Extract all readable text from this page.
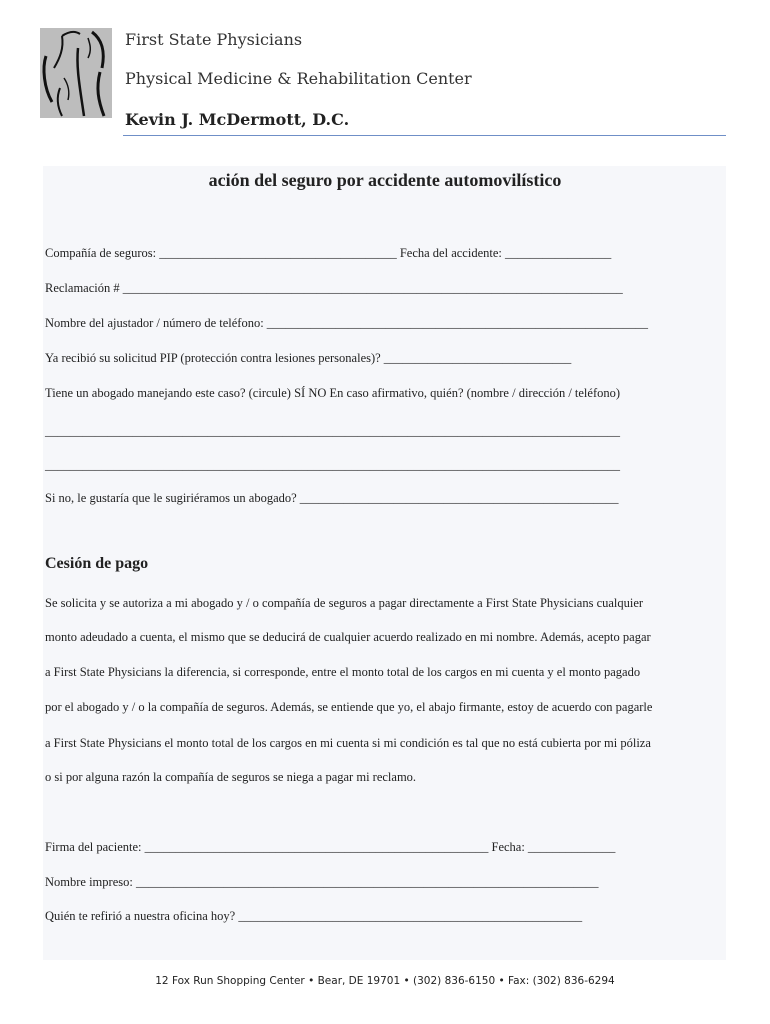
First State Physicians
Physical Medicine & Rehabilitation Center
Kevin J. McDermott, D.C.
ación del seguro por accidente automovilístico
Compañía de seguros: ______________________________________ Fecha del accidente: _________________
Reclamación # ________________________________________________________________________________
Nombre del ajustador / número de teléfono: _____________________________________________________________
Ya recibió su solicitud PIP (protección contra lesiones personales)? ______________________________
Tiene un abogado manejando este caso? (circule) SÍ NO En caso afirmativo, quién? (nombre / dirección / teléfono)
____________________________________________________________________________________________
____________________________________________________________________________________________
Si no, le gustaría que le sugiriéramos un abogado? ___________________________________________________
Cesión de pago
Se solicita y se autoriza a mi abogado y / o compañía de seguros a pagar directamente a First State Physicians cualquier
monto adeudado a cuenta, el mismo que se deducirá de cualquier acuerdo realizado en mi nombre. Además, acepto pagar
a First State Physicians la diferencia, si corresponde, entre el monto total de los cargos en mi cuenta y el monto pagado
por el abogado y / o la compañía de seguros. Además, se entiende que yo, el abajo firmante, estoy de acuerdo con pagarle
a First State Physicians el monto total de los cargos en mi cuenta si mi condición es tal que no está cubierta por mi póliza
o si por alguna razón la compañía de seguros se niega a pagar mi reclamo.
Firma del paciente: _______________________________________________________ Fecha: ______________
Nombre impreso: __________________________________________________________________________
Quién te refirió a nuestra oficina hoy? _______________________________________________________
12 Fox Run Shopping Center • Bear, DE 19701 • (302) 836-6150 • Fax: (302) 836-6294
